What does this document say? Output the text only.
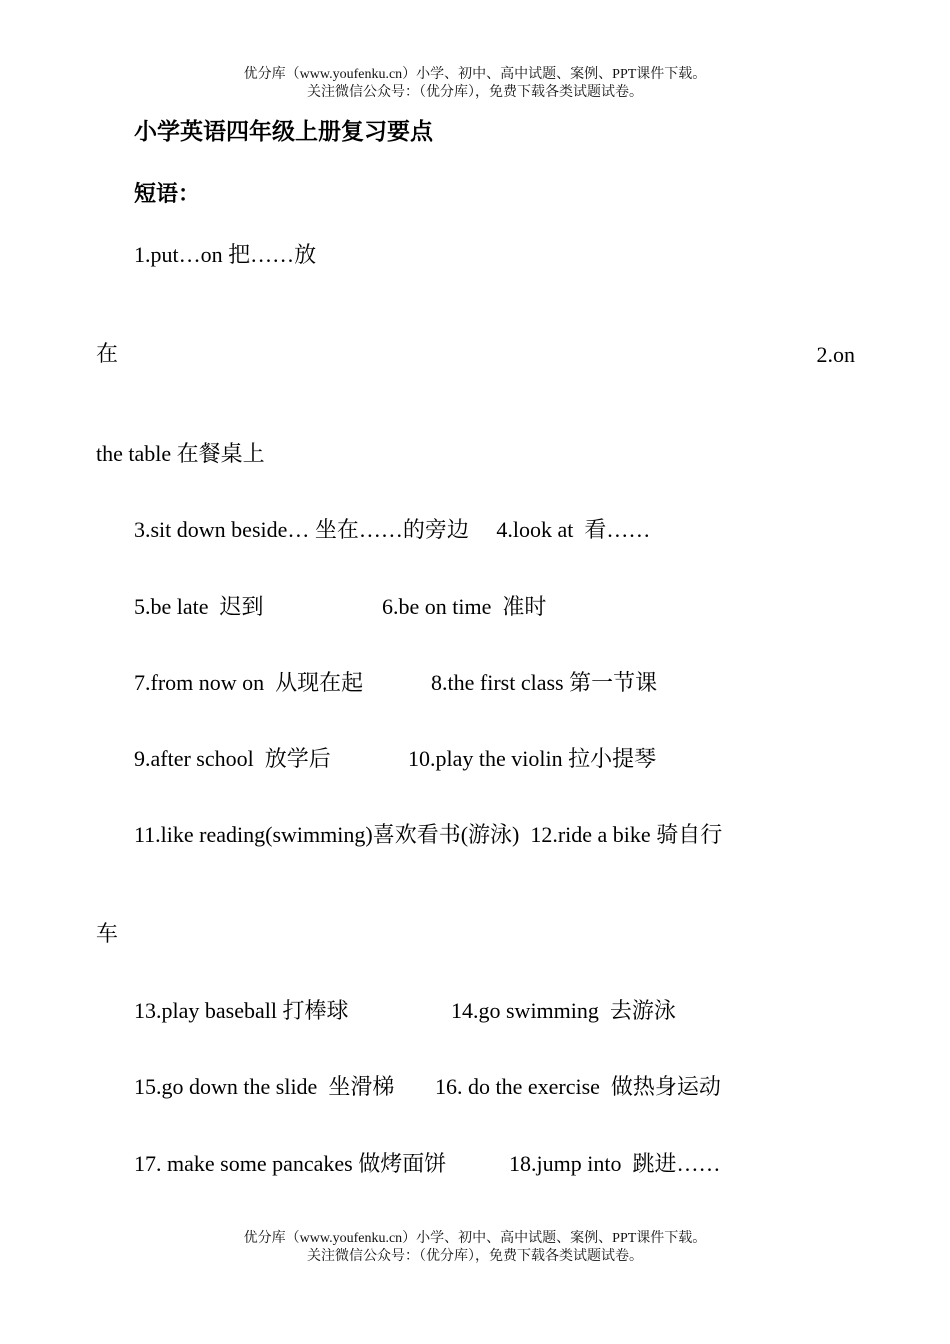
优分库（www.youfenku.cn）小学、初中、高中试题、案例、PPT课件下载。
关注微信公众号：（优分库），免费下载各类试题试卷。
小学英语四年级上册复习要点
短语：
1.put…on 把……放
在	2.on
the table 在餐桌上
3.sit down beside… 坐在……的旁边     4.look at  看……
5.be late  迟到	6.be on time  准时
7.from now on  从现在起	8.the first class 第一节课
9.after school  放学后	10.play the violin 拉小提琴
11.like reading(swimming)喜欢看书(游泳)  12.ride a bike 骑自行
车
13.play baseball 打棒球	14.go swimming  去游泳
15.go down the slide  坐滑梯 16. do the exercise  做热身运动
17. make some pancakes 做烤面饼	18.jump into  跳进……
优分库（www.youfenku.cn）小学、初中、高中试题、案例、PPT课件下载。
关注微信公众号：（优分库），免费下载各类试题试卷。
